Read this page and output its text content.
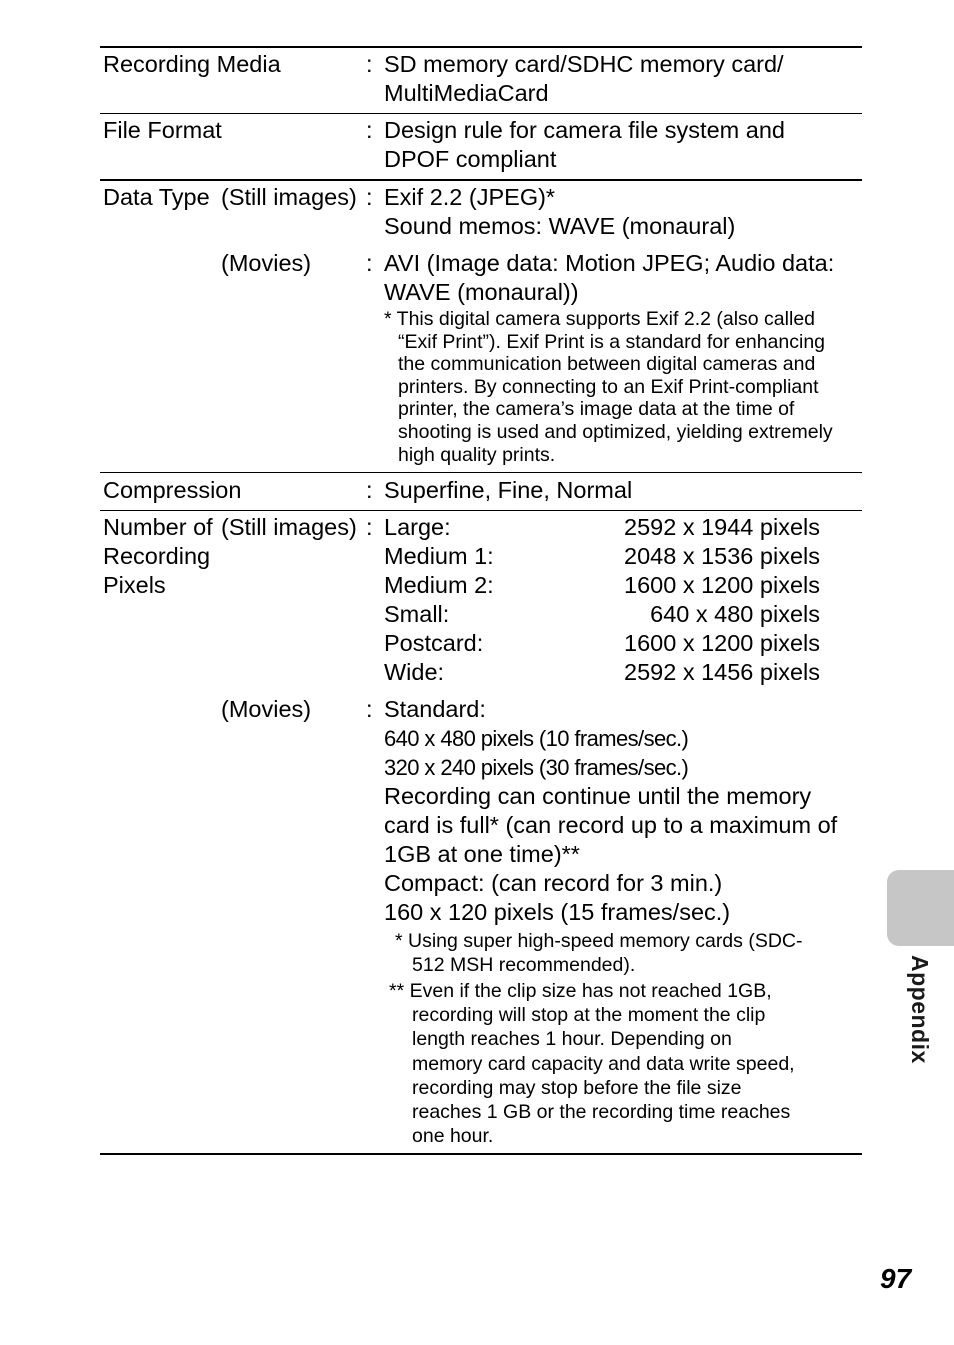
Recording Media	: SD memory card/SDHC memory card/
MultiMediaCard
File Format	: Design rule for camera file system and
DPOF compliant
Data Type (Still images) : Exif 2.2 (JPEG)*
Sound memos: WAVE (monaural)
(Movies) : AVI (Image data: Motion JPEG; Audio data:
WAVE (monaural))
* This digital camera supports Exif 2.2 (also called
“Exif Print”). Exif Print is a standard for enhancing
the communication between digital cameras and
printers. By connecting to an Exif Print-compliant
printer, the camera’s image data at the time of
shooting is used and optimized, yielding extremely
high quality prints.
Compression	: Superfine, Fine, Normal
Number of
Recording
Pixels
(Still images) : Large:	2592 x 1944 pixels
Medium 1:	2048 x 1536 pixels
Medium 2:	1600 x 1200 pixels
Small:	640 x 480 pixels
Postcard:	1600 x 1200 pixels
Wide:	2592 x 1456 pixels
(Movies) : Standard:
640 x 480 pixels (10 frames/sec.)
320 x 240 pixels (30 frames/sec.)
Recording can continue until the memory
card is full* (can record up to a maximum of
1GB at one time)**
Compact: (can record for 3 min.)
160 x 120 pixels (15 frames/sec.)
* Using super high-speed memory cards (SDC-
512 MSH recommended).
** Even if the clip size has not reached 1GB,
recording will stop at the moment the clip
length reaches 1 hour. Depending on
memory card capacity and data write speed,
recording may stop before the file size
reaches 1 GB or the recording time reaches
one hour.
Appendix
97
